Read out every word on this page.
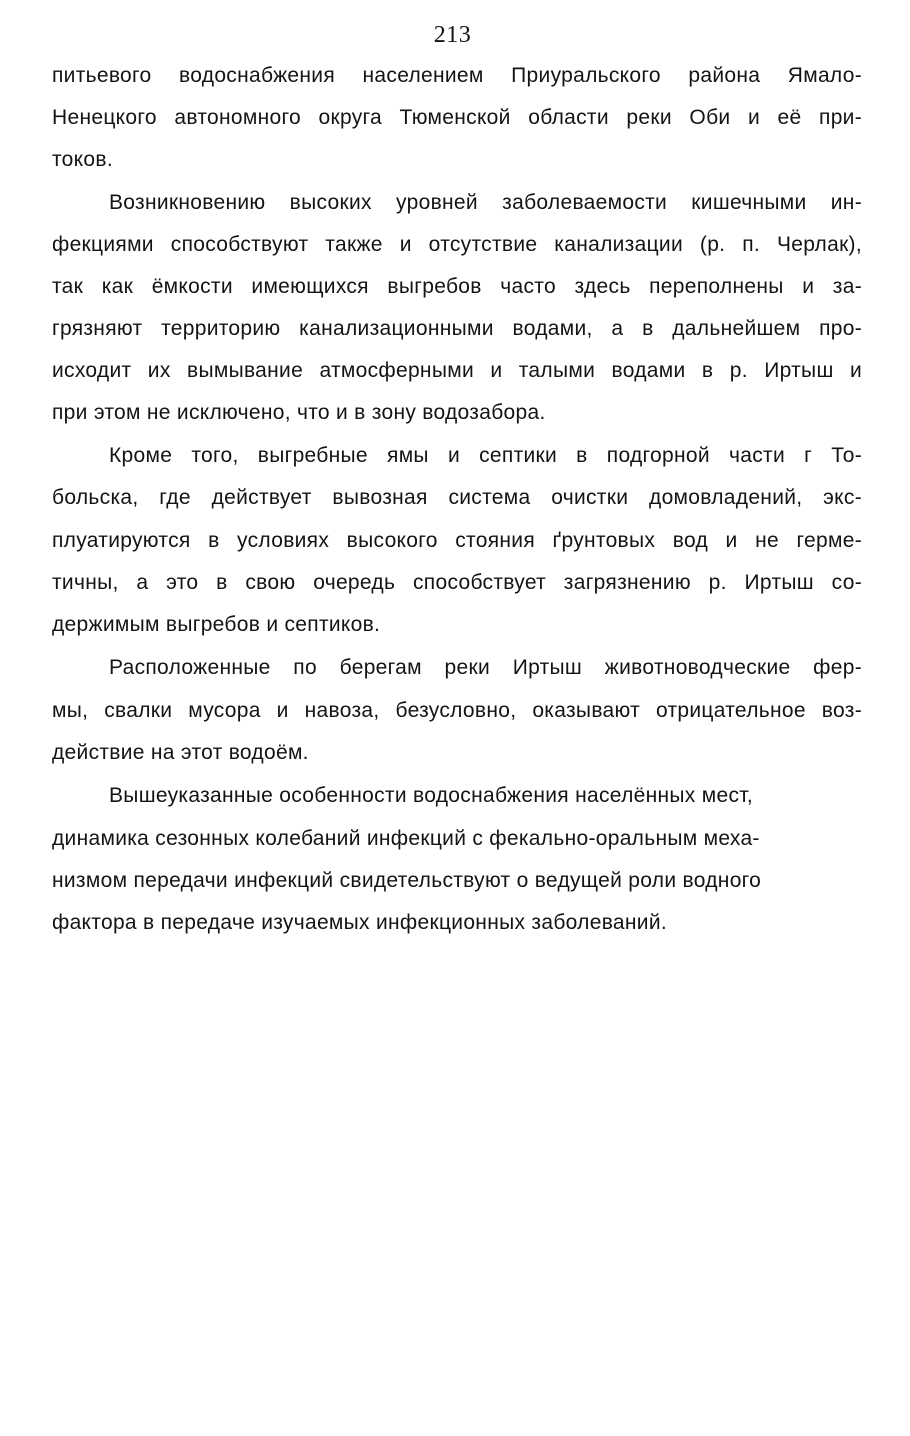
213
питьевого водоснабжения населением Приуральского района Ямало-
Ненецкого автономного округа Тюменской области реки Оби и её при-
токов.
Возникновению высоких уровней заболеваемости кишечными ин-
фекциями способствуют также и отсутствие канализации (р. п. Черлак),
так как ёмкости имеющихся выгребов часто здесь переполнены и за-
грязняют территорию канализационными водами, а в дальнейшем про-
исходит их вымывание атмосферными и талыми водами в р. Иртыш и
при этом не исключено, что и в зону водозабора.
Кроме того, выгребные ямы и септики в подгорной части г То-
больска, где действует вывозная система очистки домовладений, экс-
плуатируются в условиях высокого стояния ґрунтовых вод и не герме-
тичны, а это в свою очередь способствует загрязнению р. Иртыш со-
держимым выгребов и септиков.
Расположенные по берегам реки Иртыш животноводческие фер-
мы, свалки мусора и навоза, безусловно, оказывают отрицательное воз-
действие на этот водоём.
Вышеуказанные особенности водоснабжения населённых мест,
динамика сезонных колебаний инфекций с фекально-оральным меха-
низмом передачи инфекций свидетельствуют о ведущей роли водного
фактора в передаче изучаемых инфекционных заболеваний.
